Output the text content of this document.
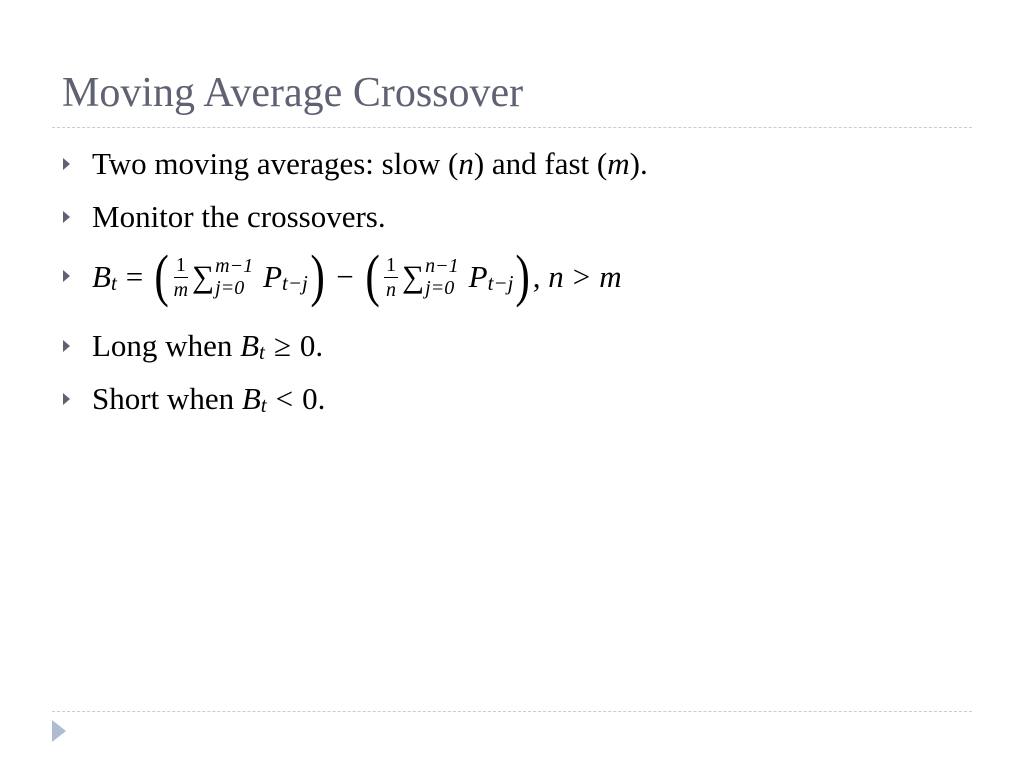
Moving Average Crossover
Two moving averages: slow (n) and fast (m).
Monitor the crossovers.
B t = ( $\frac{1}{m}$ ∑ m−1
j=0 P t−j ) − ( $\frac{1}{n}$ ∑ n−1
j=0 P t−j ) , n > m
Long when B t ≥ 0.
Short when B t < 0.
